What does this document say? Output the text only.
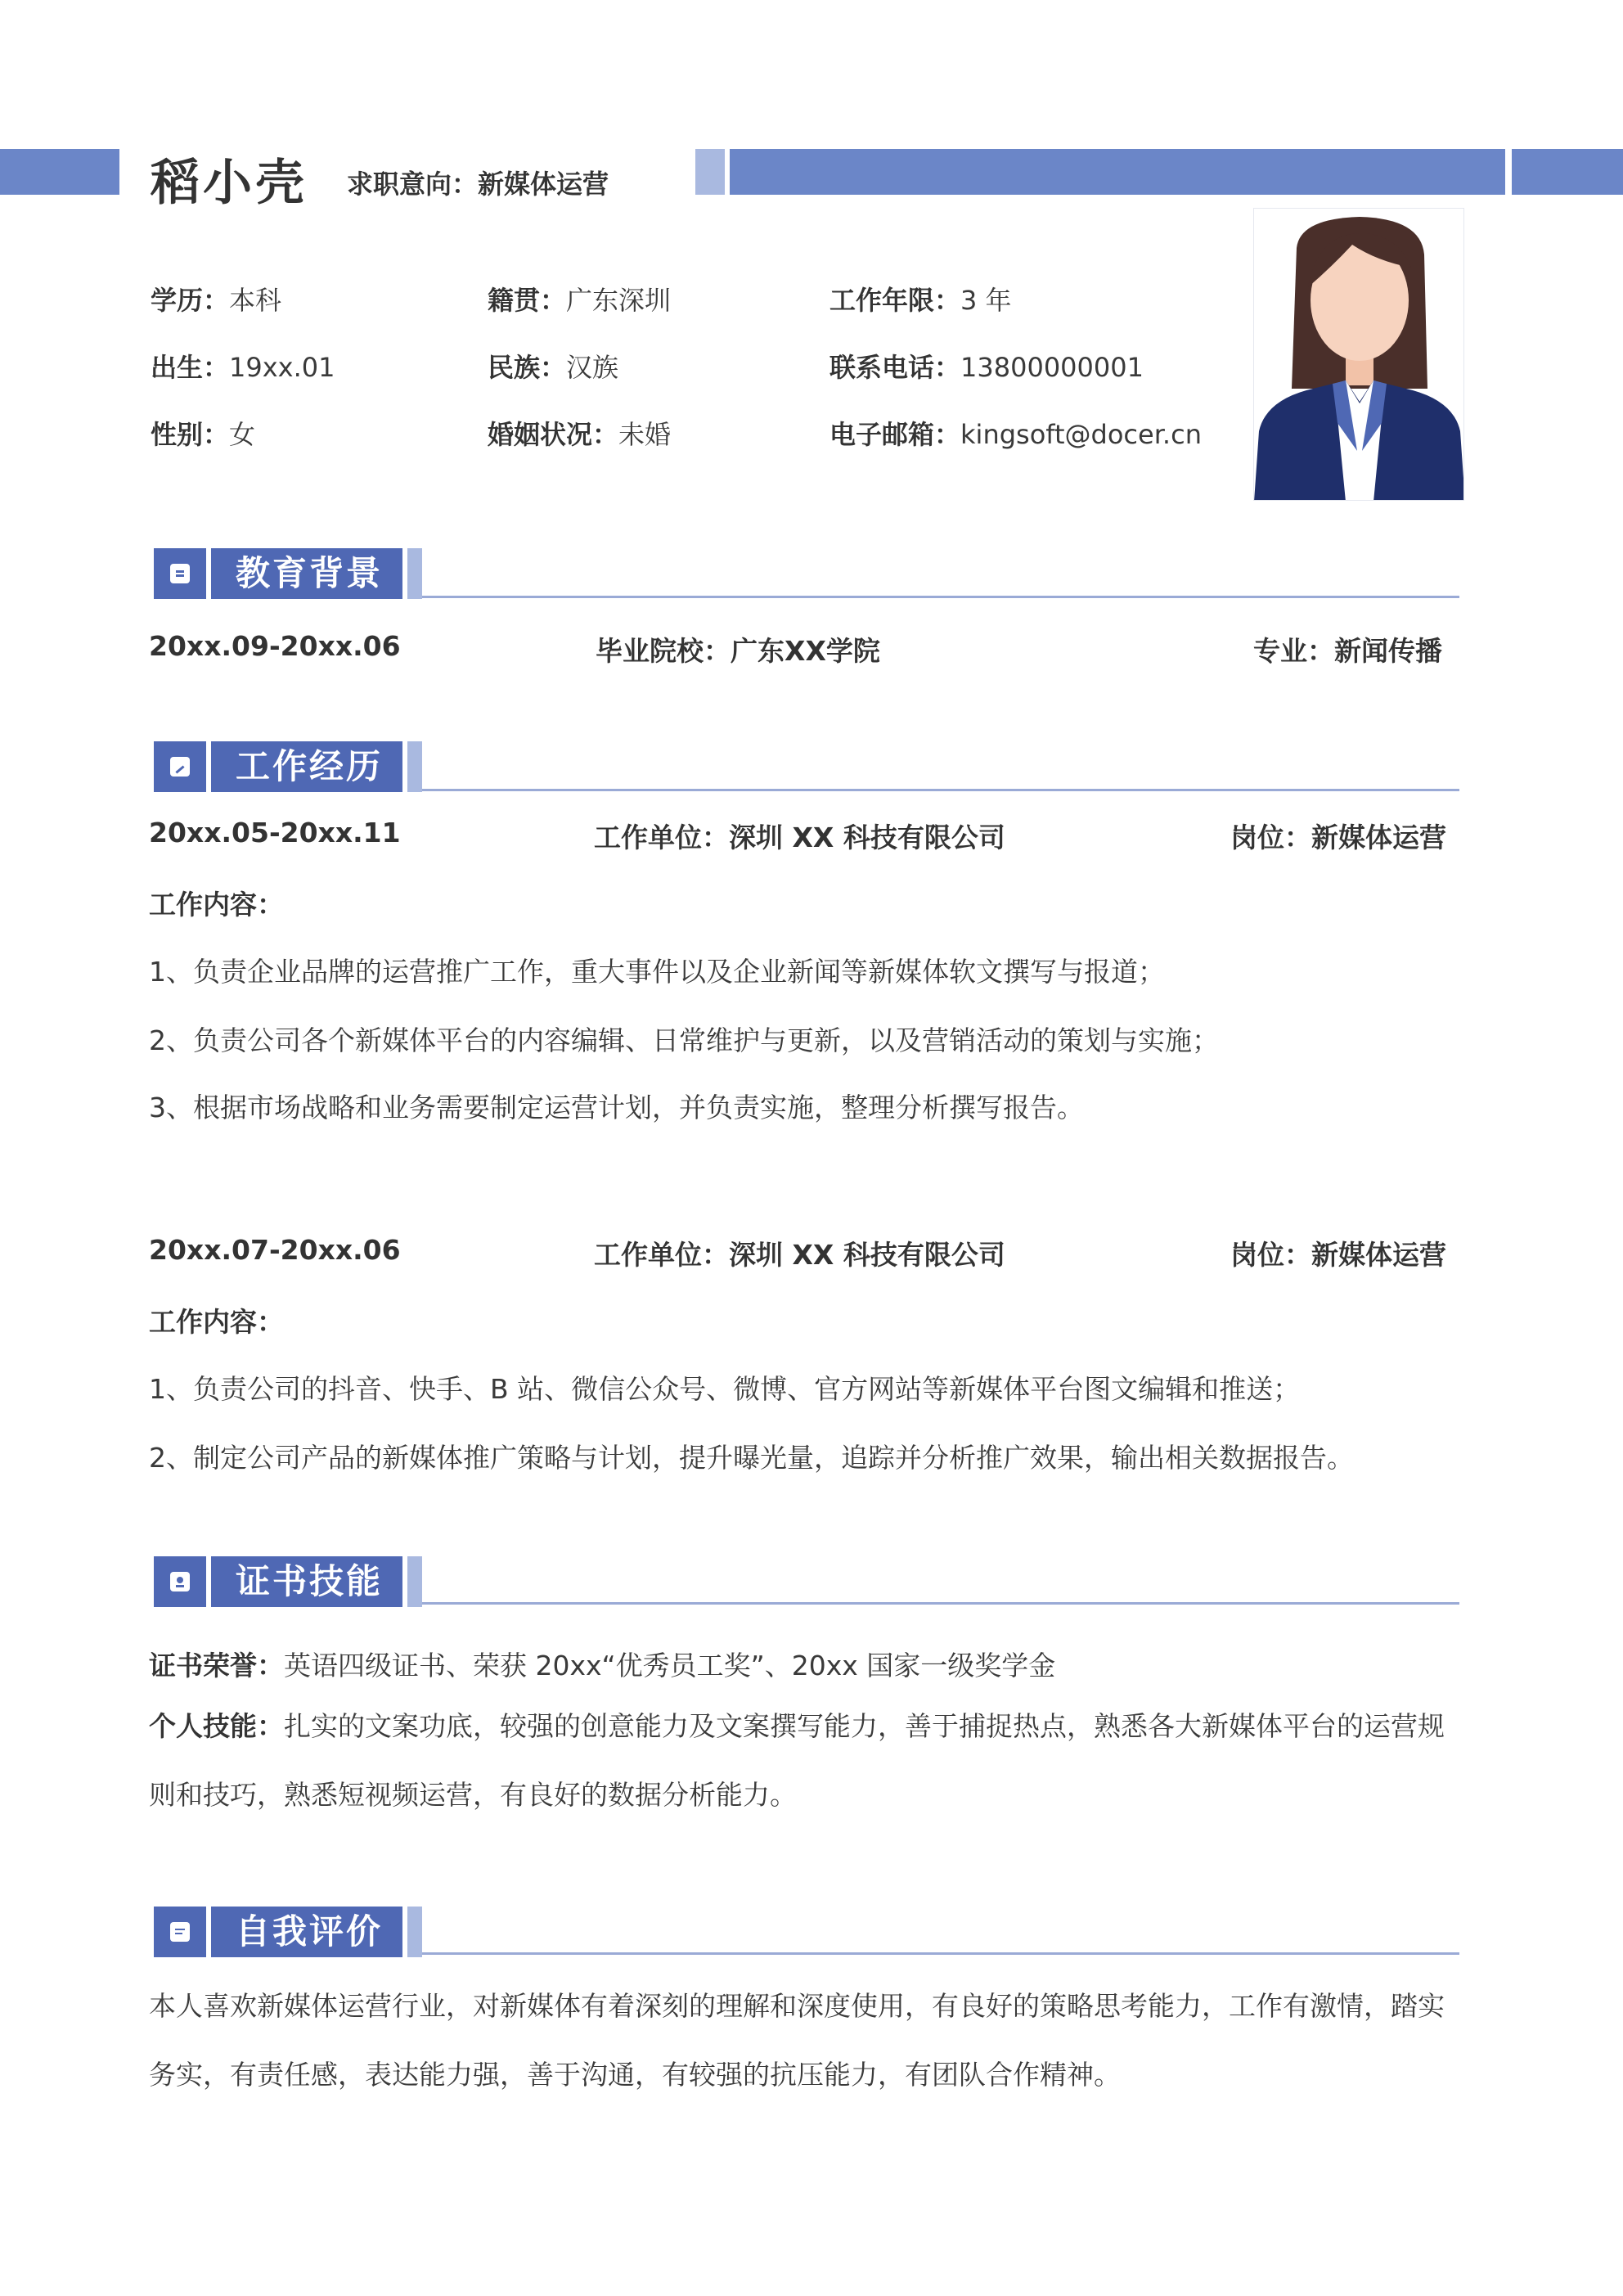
稻小壳 求职意向：新媒体运营
学历：本科	籍贯：广东深圳	工作年限：3 年
出生：19xx.01	民族：汉族	联系电话：13800000001
性别：女	婚姻状况：未婚	电子邮箱：kingsoft@docer.cn
教育背景
20xx.09-20xx.06	毕业院校：广东XX学院	专业：新闻传播
工作经历
20xx.05-20xx.11	工作单位：深圳 XX 科技有限公司	岗位：新媒体运营
工作内容：
1、负责企业品牌的运营推广工作，重大事件以及企业新闻等新媒体软文撰写与报道；
2、负责公司各个新媒体平台的内容编辑、日常维护与更新，以及营销活动的策划与实施；
3、根据市场战略和业务需要制定运营计划，并负责实施，整理分析撰写报告。
20xx.07-20xx.06	工作单位：深圳 XX 科技有限公司	岗位：新媒体运营
工作内容：
1、负责公司的抖音、快手、B 站、微信公众号、微博、官方网站等新媒体平台图文编辑和推送；
2、制定公司产品的新媒体推广策略与计划，提升曝光量，追踪并分析推广效果，输出相关数据报告。
证书技能
证书荣誉：英语四级证书、荣获 20xx“优秀员工奖”、20xx 国家一级奖学金
个人技能：扎实的文案功底，较强的创意能力及文案撰写能力，善于捕捉热点，熟悉各大新媒体平台的运营规则和技巧，熟悉短视频运营，有良好的数据分析能力。
自我评价
本人喜欢新媒体运营行业，对新媒体有着深刻的理解和深度使用，有良好的策略思考能力，工作有激情，踏实务实，有责任感，表达能力强，善于沟通，有较强的抗压能力，有团队合作精神。
